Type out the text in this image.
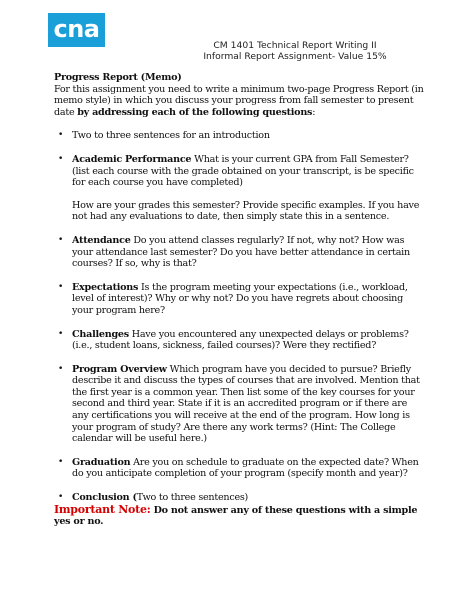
cna
CM 1401 Technical Report Writing II
Informal Report Assignment- Value 15%

Progress Report (Memo)

For this assignment you need to write a minimum two-page Progress Report (in memo style) in which you discuss your progress from fall semester to present date by addressing each of the following questions:

• Two to three sentences for an introduction
• Academic Performance What is your current GPA from Fall Semester? (list each course with the grade obtained on your transcript, is be specific for each course you have completed)
How are your grades this semester? Provide specific examples. If you have not had any evaluations to date, then simply state this in a sentence.
• Attendance Do you attend classes regularly? If not, why not? How was your attendance last semester? Do you have better attendance in certain courses? If so, why is that?
• Expectations Is the program meeting your expectations (i.e., workload, level of interest)? Why or why not? Do you have regrets about choosing your program here?
• Challenges Have you encountered any unexpected delays or problems? (i.e., student loans, sickness, failed courses)? Were they rectified?
• Program Overview Which program have you decided to pursue? Briefly describe it and discuss the types of courses that are involved. Mention that the first year is a common year. Then list some of the key courses for your second and third year. State if it is an accredited program or if there are any certifications you will receive at the end of the program. How long is your program of study? Are there any work terms? (Hint: The College calendar will be useful here.)
• Graduation Are you on schedule to graduate on the expected date? When do you anticipate completion of your program (specify month and year)?
• Conclusion (Two to three sentences)

Important Note: Do not answer any of these questions with a simple yes or no.
